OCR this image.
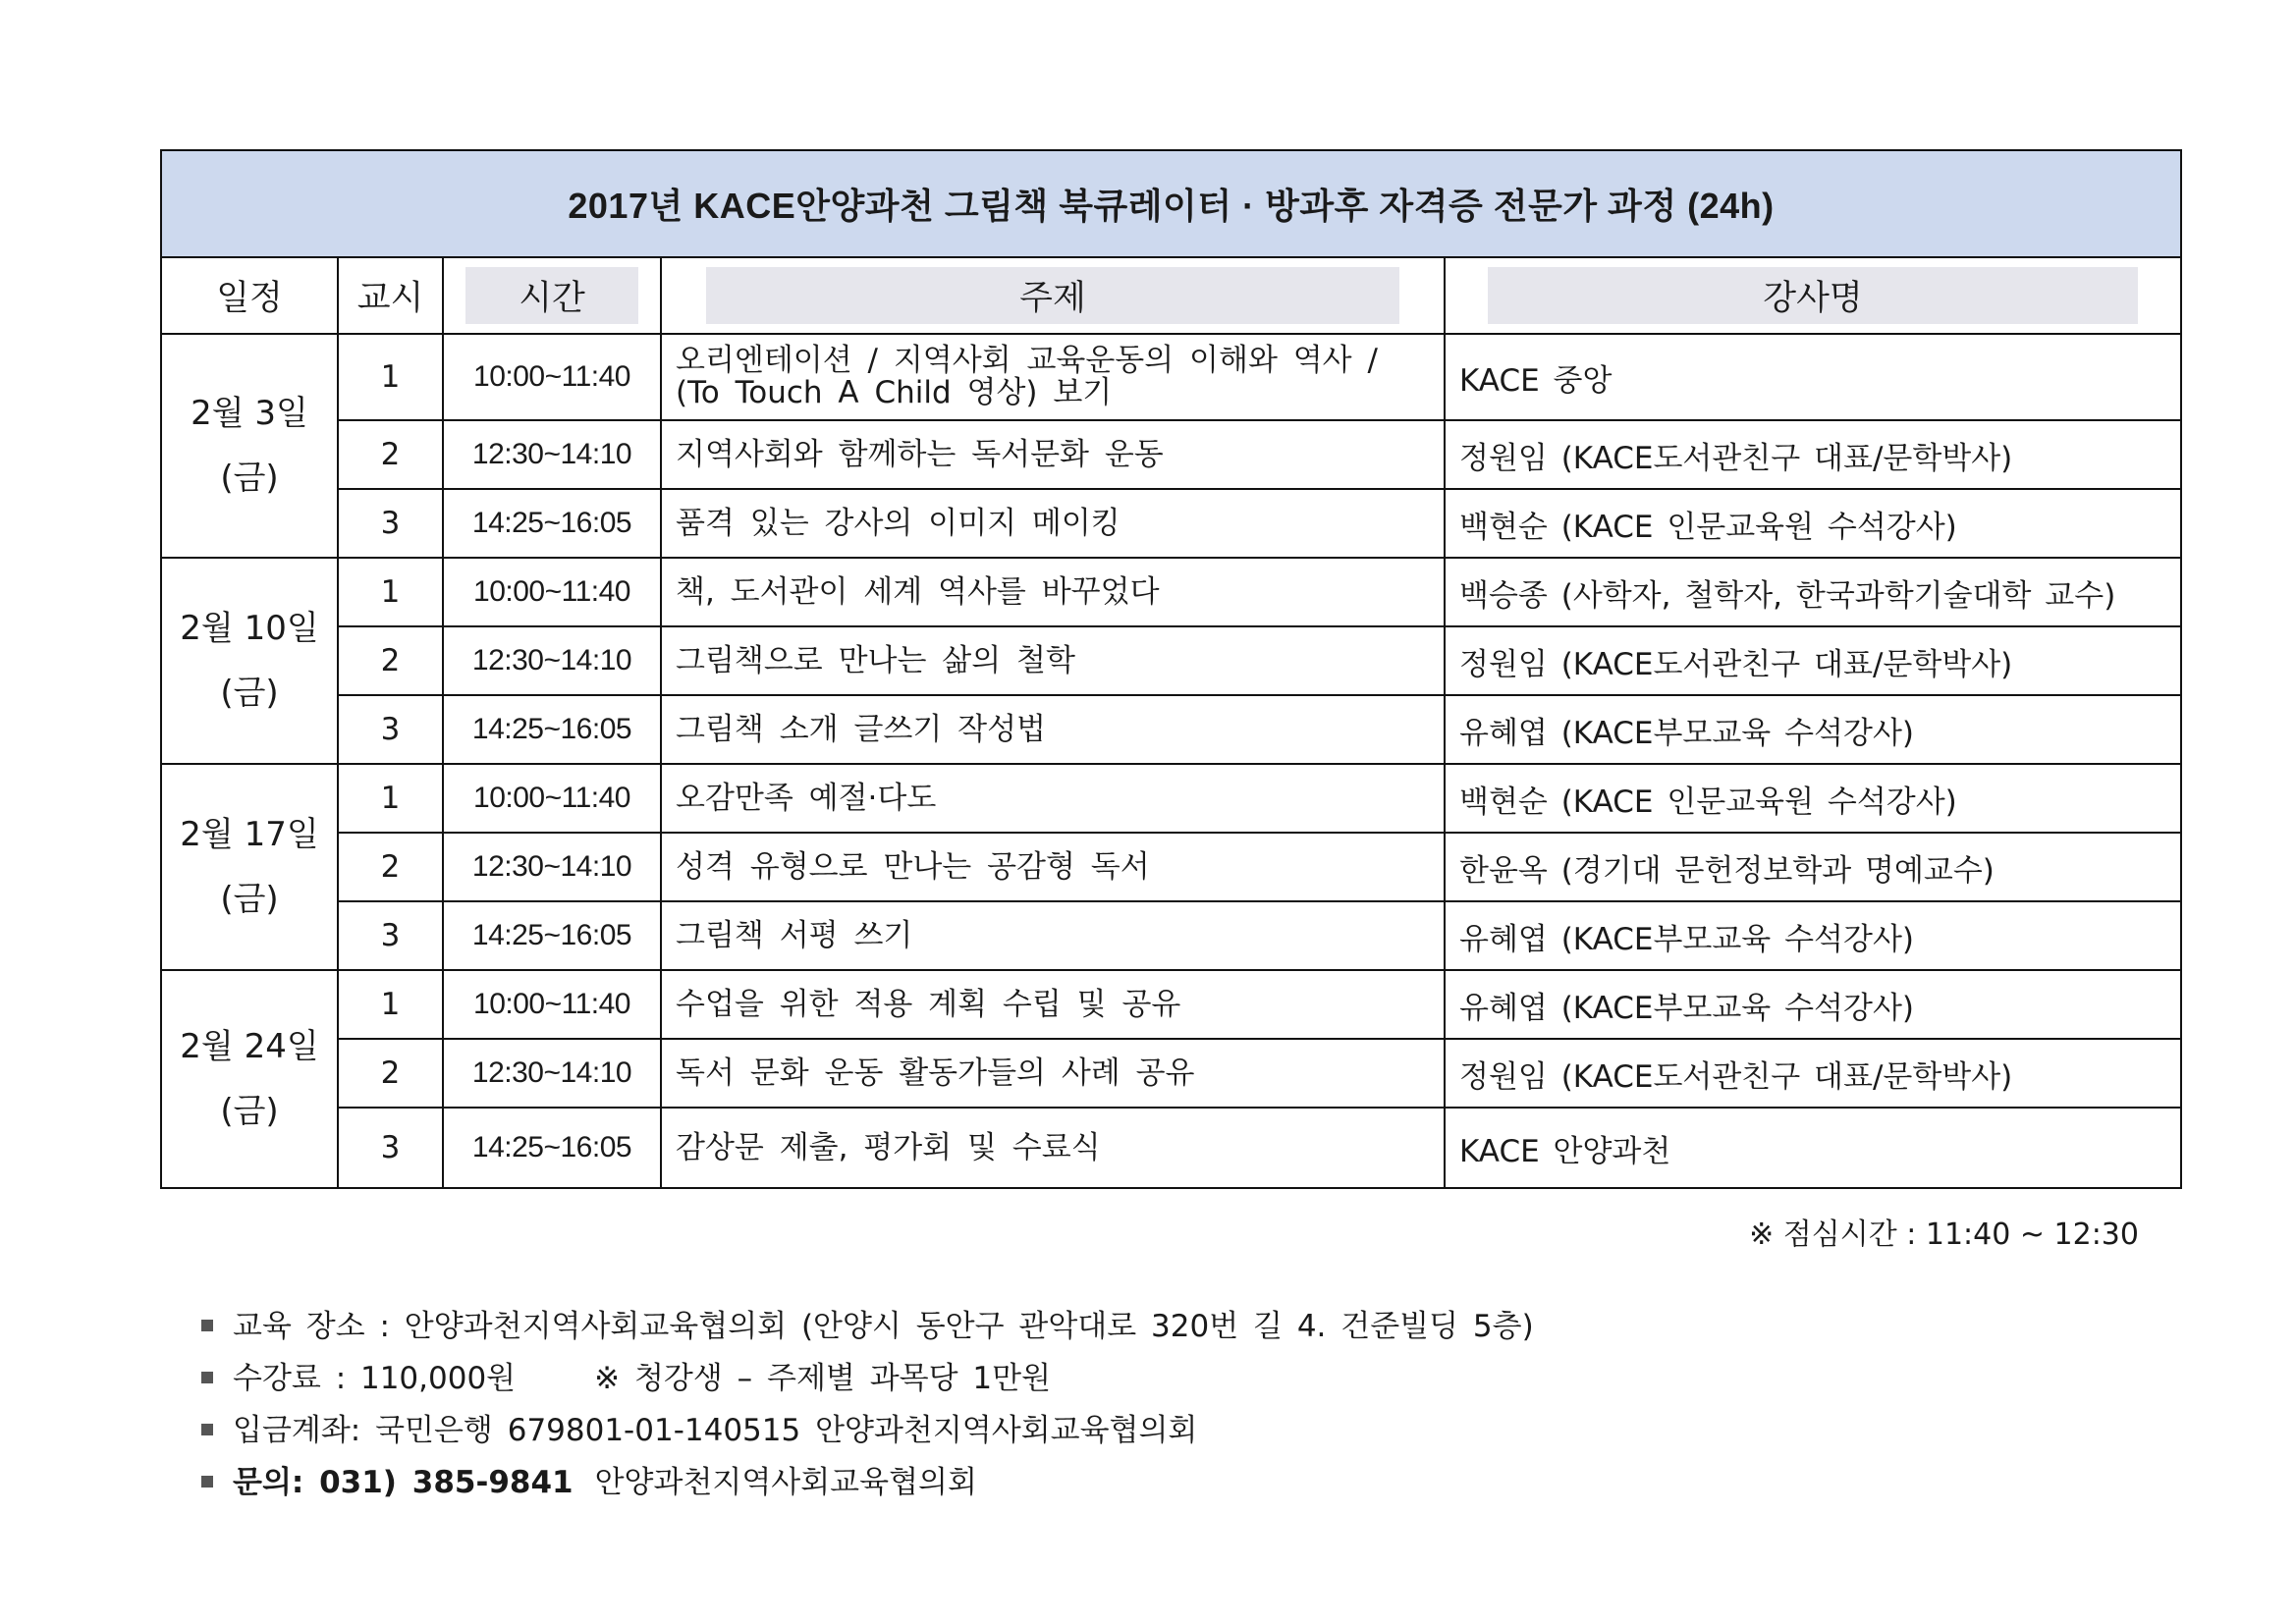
2017년 KACE안양과천 그림책 북큐레이터 · 방과후 자격증 전문가 과정 (24h)				
일정	교시	시간	주제	강사명

2월 3일
(금)	1	10:00~11:40	오리엔테이션 / 지역사회 교육운동의 이해와 역사 / (To Touch A Child 영상) 보기	KACE 중앙
	2	12:30~14:10	지역사회와 함께하는 독서문화 운동	정원임 (KACE도서관친구 대표/문학박사)
	3	14:25~16:05	품격 있는 강사의 이미지 메이킹	백현순 (KACE 인문교육원 수석강사)

2월 10일
(금)	1	10:00~11:40	책, 도서관이 세계 역사를 바꾸었다	백승종 (사학자, 철학자, 한국과학기술대학 교수)
	2	12:30~14:10	그림책으로 만나는 삶의 철학	정원임 (KACE도서관친구 대표/문학박사)
	3	14:25~16:05	그림책 소개 글쓰기 작성법	유혜엽 (KACE부모교육 수석강사)

2월 17일
(금)	1	10:00~11:40	오감만족 예절·다도	백현순 (KACE 인문교육원 수석강사)
	2	12:30~14:10	성격 유형으로 만나는 공감형 독서	한윤옥 (경기대 문헌정보학과 명예교수)
	3	14:25~16:05	그림책 서평 쓰기	유혜엽 (KACE부모교육 수석강사)

2월 24일
(금)	1	10:00~11:40	수업을 위한 적용 계획 수립 및 공유	유혜엽 (KACE부모교육 수석강사)
	2	12:30~14:10	독서 문화 운동 활동가들의 사례 공유	정원임 (KACE도서관친구 대표/문학박사)
	3	14:25~16:05	감상문 제출, 평가회 및 수료식	KACE 안양과천
※ 점심시간 : 11:40 ~ 12:30
교육 장소 : 안양과천지역사회교육협의회 (안양시 동안구 관악대로 320번 길 4. 건준빌딩 5층)
수강료 : 110,000원	※ 청강생 – 주제별 과목당 1만원
입금계좌: 국민은행 679801-01-140515 안양과천지역사회교육협의회
문의: 031) 385-9841 안양과천지역사회교육협의회
